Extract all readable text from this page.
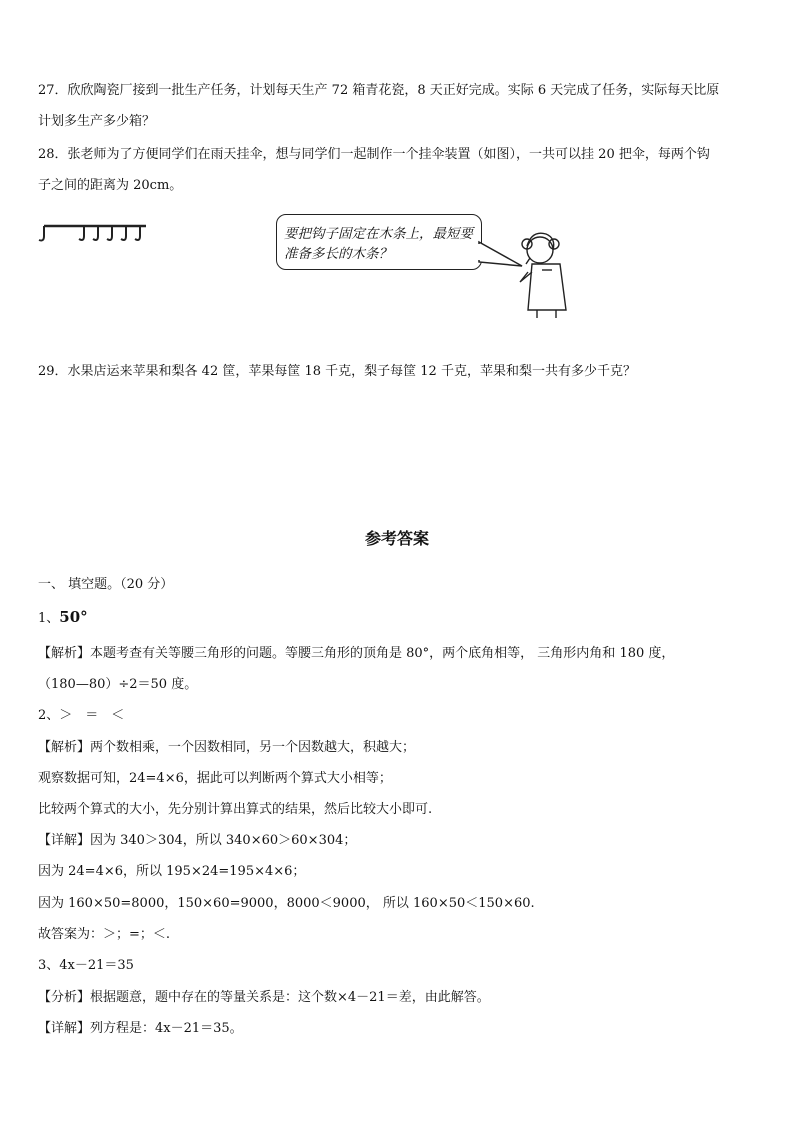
27．欣欣陶瓷厂接到一批生产任务，计划每天生产 72 箱青花瓷，8 天正好完成。实际 6 天完成了任务，实际每天比原
计划多生产多少箱？
28．张老师为了方便同学们在雨天挂伞，想与同学们一起制作一个挂伞装置（如图），一共可以挂 20 把伞，每两个钩
子之间的距离为 20cm。
要把钩子固定在木条上，最短要准备多长的木条？
29．水果店运来苹果和梨各 42 筐，苹果每筐 18 千克，梨子每筐 12 千克，苹果和梨一共有多少千克？
参考答案
一、 填空题。（20 分）
1、50°
【解析】本题考查有关等腰三角形的问题。等腰三角形的顶角是 80°，两个底角相等， 三角形内角和 180 度，
（180—80）÷2＝50 度。
2、＞　＝　＜
【解析】两个数相乘，一个因数相同，另一个因数越大，积越大；
观察数据可知，24=4×6，据此可以判断两个算式大小相等；
比较两个算式的大小，先分别计算出算式的结果，然后比较大小即可.
【详解】因为 340＞304，所以 340×60＞60×304；
因为 24=4×6，所以 195×24=195×4×6；
因为 160×50=8000，150×60=9000，8000＜9000， 所以 160×50＜150×60.
故答案为：＞；=；＜.
3、4x－21＝35
【分析】根据题意，题中存在的等量关系是：这个数×4－21＝差，由此解答。
【详解】列方程是：4x－21＝35。
